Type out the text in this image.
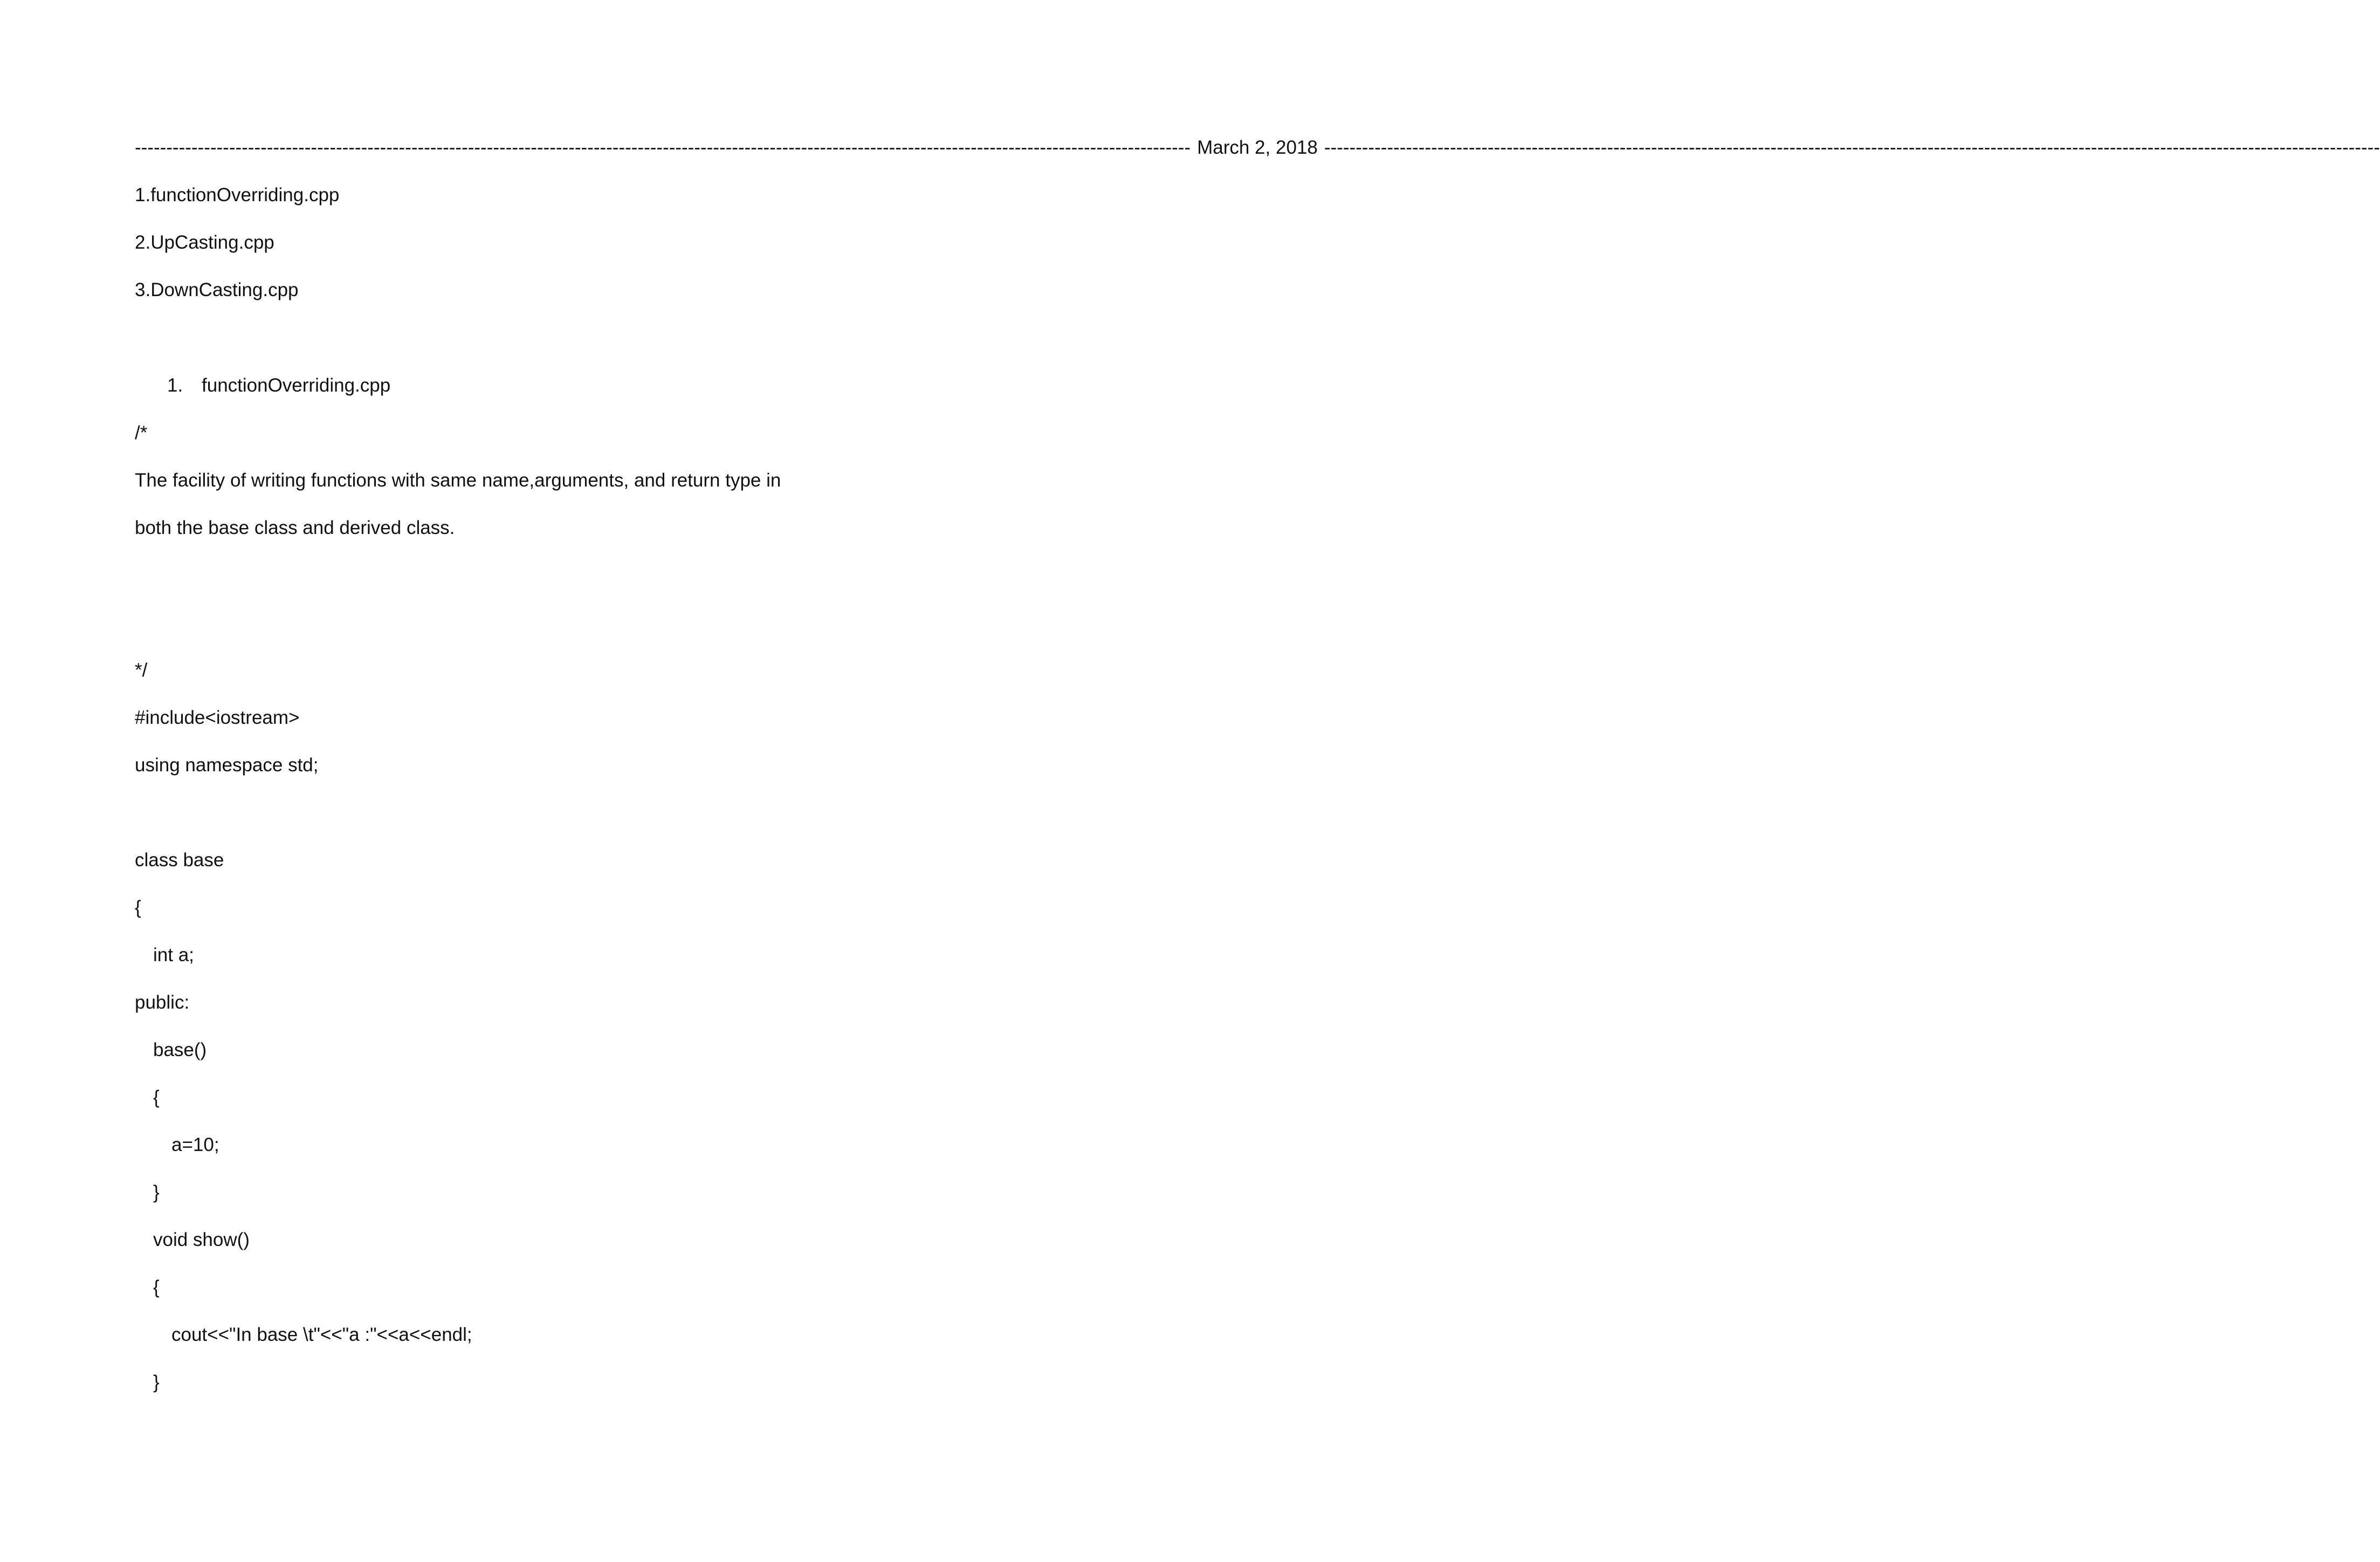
------------------------------------------------------------------------------------------------------------------------------------------------------------------------ March 2, 2018 ------------------------------------------------------------------------------------------------------------------------------------------------------------------------
1.functionOverriding.cpp
2.UpCasting.cpp
3.DownCasting.cpp
1. functionOverriding.cpp
/*
The facility of writing functions with same name,arguments, and return type in
both the base class and derived class.
*/
#include<iostream>
using namespace std;
class base
{
int a;
public:
base()
{
a=10;
}
void show()
{
cout<<"In base \t"<<"a :"<<a<<endl;
}
